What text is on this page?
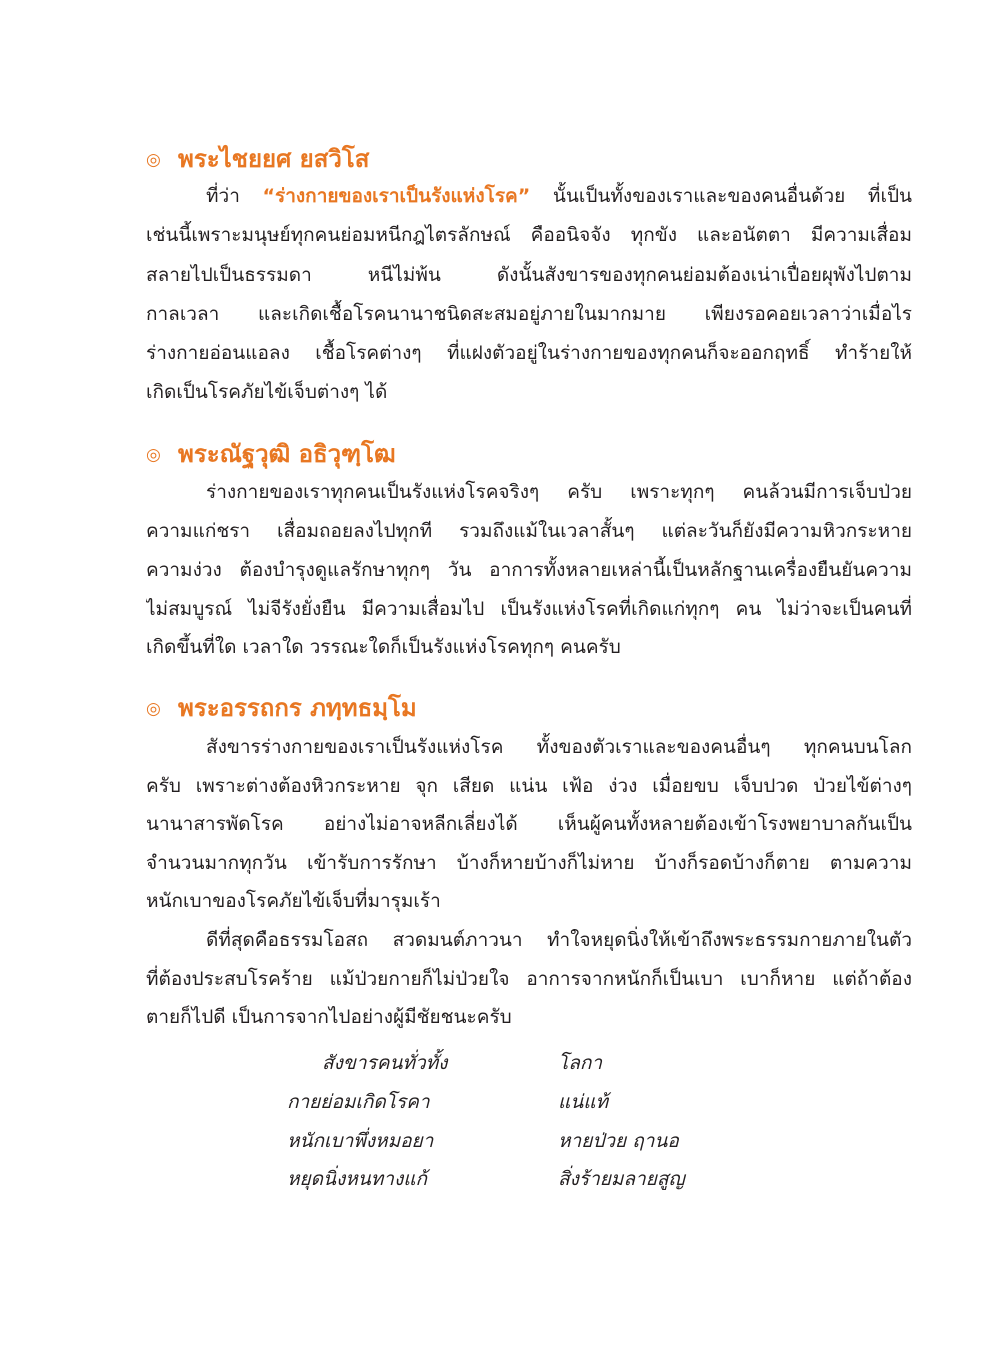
◎ พระไชยยศ ยสวิโส
ที่ว่า “ร่างกายของเราเป็นรังแห่งโรค” นั้นเป็นทั้งของเราและของคนอื่นด้วย ที่เป็น
เช่นนี้เพราะมนุษย์ทุกคนย่อมหนีกฎไตรลักษณ์ คืออนิจจัง ทุกขัง และอนัตตา มีความเสื่อม
สลายไปเป็นธรรมดา หนีไม่พ้น ดังนั้นสังขารของทุกคนย่อมต้องเน่าเปื่อยผุพังไปตาม
กาลเวลา และเกิดเชื้อโรคนานาชนิดสะสมอยู่ภายในมากมาย เพียงรอคอยเวลาว่าเมื่อไร
ร่างกายอ่อนแอลง เชื้อโรคต่างๆ ที่แฝงตัวอยู่ในร่างกายของทุกคนก็จะออกฤทธิ์ ทำร้ายให้
เกิดเป็นโรคภัยไข้เจ็บต่างๆ ได้
◎ พระณัฐวุฒิ อธิวุฑฺโฒ
ร่างกายของเราทุกคนเป็นรังแห่งโรคจริงๆ ครับ เพราะทุกๆ คนล้วนมีการเจ็บป่วย
ความแก่ชรา เสื่อมถอยลงไปทุกที รวมถึงแม้ในเวลาสั้นๆ แต่ละวันก็ยังมีความหิวกระหาย
ความง่วง ต้องบำรุงดูแลรักษาทุกๆ วัน อาการทั้งหลายเหล่านี้เป็นหลักฐานเครื่องยืนยันความ
ไม่สมบูรณ์ ไม่จีรังยั่งยืน มีความเสื่อมไป เป็นรังแห่งโรคที่เกิดแก่ทุกๆ คน ไม่ว่าจะเป็นคนที่
เกิดขึ้นที่ใด เวลาใด วรรณะใดก็เป็นรังแห่งโรคทุกๆ คนครับ
◎ พระอรรถกร ภทฺทธมฺโม
สังขารร่างกายของเราเป็นรังแห่งโรค ทั้งของตัวเราและของคนอื่นๆ ทุกคนบนโลก
ครับ เพราะต่างต้องหิวกระหาย จุก เสียด แน่น เฟ้อ ง่วง เมื่อยขบ เจ็บปวด ป่วยไข้ต่างๆ
นานาสารพัดโรค อย่างไม่อาจหลีกเลี่ยงได้ เห็นผู้คนทั้งหลายต้องเข้าโรงพยาบาลกันเป็น
จำนวนมากทุกวัน เข้ารับการรักษา บ้างก็หายบ้างก็ไม่หาย บ้างก็รอดบ้างก็ตาย ตามความ
หนักเบาของโรคภัยไข้เจ็บที่มารุมเร้า
ดีที่สุดคือธรรมโอสถ สวดมนต์ภาวนา ทำใจหยุดนิ่งให้เข้าถึงพระธรรมกายภายในตัว
ที่ต้องประสบโรคร้าย แม้ป่วยกายก็ไม่ป่วยใจ อาการจากหนักก็เป็นเบา เบาก็หาย แต่ถ้าต้อง
ตายก็ไปดี เป็นการจากไปอย่างผู้มีชัยชนะครับ
สังขารคนทั่วทั้ง	โลกา
กายย่อมเกิดโรคา	แน่แท้
หนักเบาพึ่งหมอยา	หายป่วย ฤานอ
หยุดนิ่งหนทางแก้	สิ่งร้ายมลายสูญ
